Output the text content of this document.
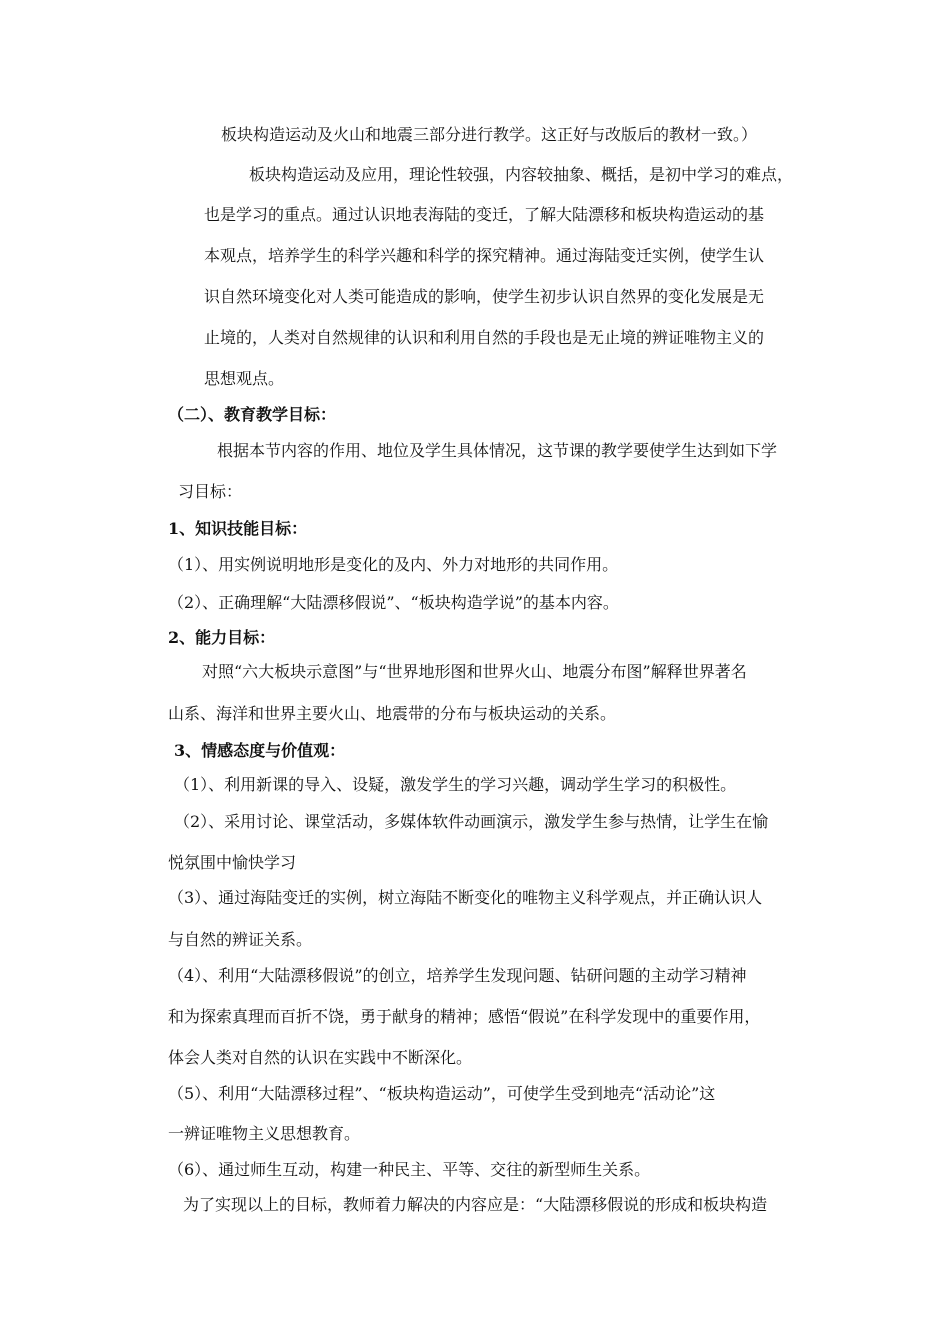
板块构造运动及火山和地震三部分进行教学。这正好与改版后的教材一致。）
板块构造运动及应用，理论性较强，内容较抽象、概括，是初中学习的难点，
也是学习的重点。通过认识地表海陆的变迁，了解大陆漂移和板块构造运动的基
本观点，培养学生的科学兴趣和科学的探究精神。通过海陆变迁实例，使学生认
识自然环境变化对人类可能造成的影响，使学生初步认识自然界的变化发展是无
止境的，人类对自然规律的认识和利用自然的手段也是无止境的辨证唯物主义的
思想观点。
（二）、教育教学目标：
根据本节内容的作用、地位及学生具体情况，这节课的教学要使学生达到如下学
习目标：
1、知识技能目标：
（1）、用实例说明地形是变化的及内、外力对地形的共同作用。
（2）、正确理解“大陆漂移假说”、“板块构造学说”的基本内容。
2、能力目标：
对照“六大板块示意图”与“世界地形图和世界火山、地震分布图”解释世界著名
山系、海洋和世界主要火山、地震带的分布与板块运动的关系。
3、情感态度与价值观：
（1）、利用新课的导入、设疑，激发学生的学习兴趣，调动学生学习的积极性。
（2）、采用讨论、课堂活动，多媒体软件动画演示，激发学生参与热情，让学生在愉
悦氛围中愉快学习
（3）、通过海陆变迁的实例，树立海陆不断变化的唯物主义科学观点，并正确认识人
与自然的辨证关系。
（4）、利用“大陆漂移假说”的创立，培养学生发现问题、钻研问题的主动学习精神
和为探索真理而百折不饶，勇于献身的精神；感悟“假说”在科学发现中的重要作用，
体会人类对自然的认识在实践中不断深化。
（5）、利用“大陆漂移过程”、“板块构造运动”，可使学生受到地壳“活动论”这
一辨证唯物主义思想教育。
（6）、通过师生互动，构建一种民主、平等、交往的新型师生关系。
为了实现以上的目标，教师着力解决的内容应是：“大陆漂移假说的形成和板块构造
